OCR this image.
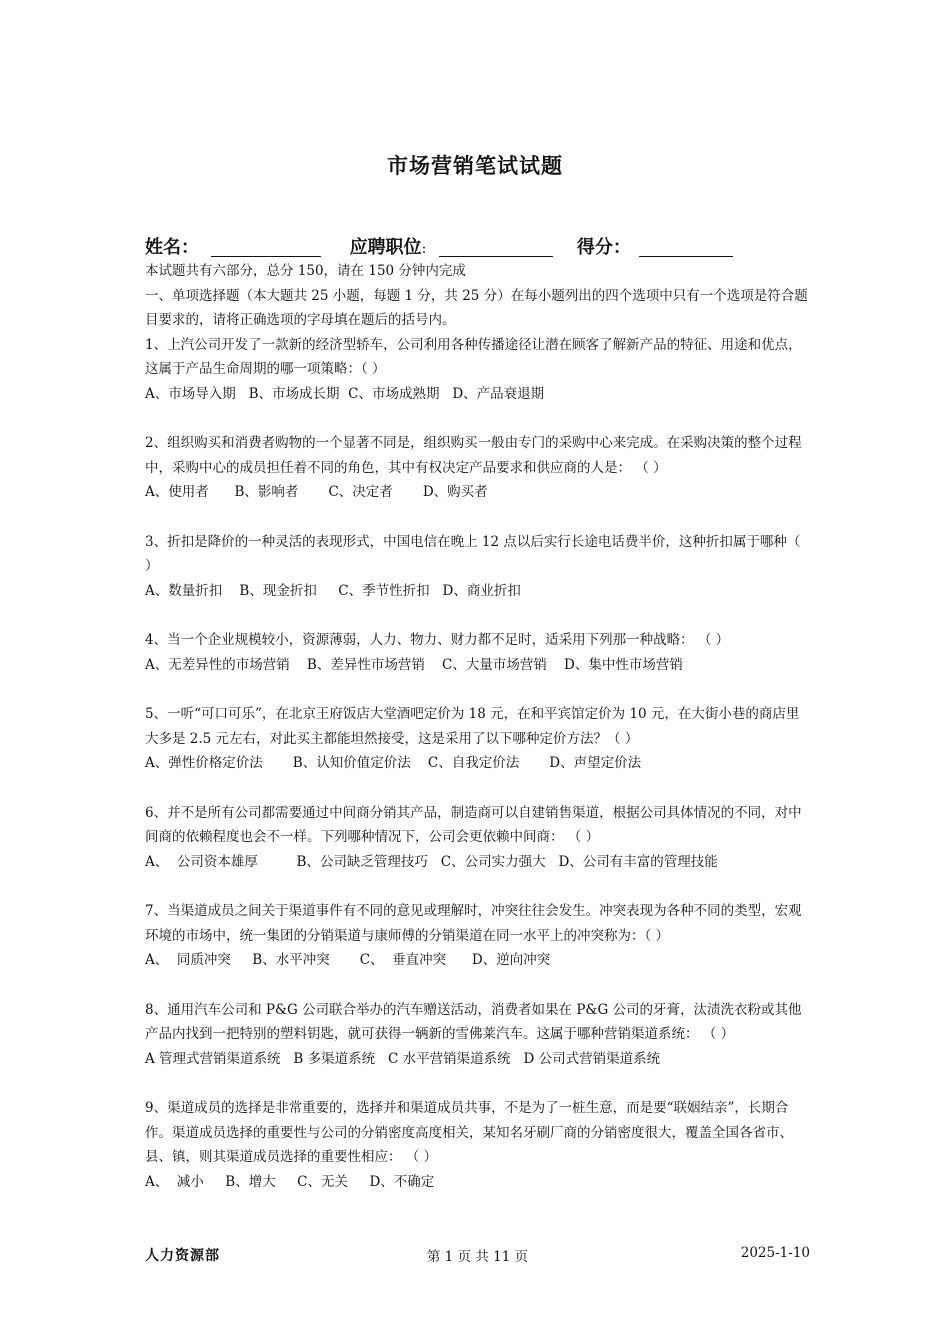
市场营销笔试试题
姓名：	应聘职位:	得分：

本试题共有六部分，总分 150，请在 150 分钟内完成

一、单项选择题（本大题共 25 小题，每题 1 分，共 25 分）在每小题列出的四个选项中只有一个选项是符合题目要求的，请将正确选项的字母填在题后的括号内。

1、上汽公司开发了一款新的经济型轿车，公司利用各种传播途径让潜在顾客了解新产品的特征、用途和优点，这属于产品生命周期的哪一项策略：（ ）

A、市场导入期   B、市场成长期  C、市场成熟期   D、产品衰退期

2、组织购买和消费者购物的一个显著不同是，组织购买一般由专门的采购中心来完成。在采购决策的整个过程中，采购中心的成员担任着不同的角色，其中有权决定产品要求和供应商的人是： （ ）

A、使用者      B、影响者       C、决定者       D、购买者

3、折扣是降价的一种灵活的表现形式，中国电信在晚上 12 点以后实行长途电话费半价，这种折扣属于哪种（ ）

A、数量折扣    B、现金折扣     C、季节性折扣   D、商业折扣

4、当一个企业规模较小，资源薄弱，人力、物力、财力都不足时，适采用下列那一种战略： （ ）

A、无差异性的市场营销    B、差异性市场营销    C、大量市场营销    D、集中性市场营销

5、一听“可口可乐”，在北京王府饭店大堂酒吧定价为 18 元，在和平宾馆定价为 10 元，在大街小巷的商店里大多是 2.5 元左右，对此买主都能坦然接受，这是采用了以下哪种定价方法？（ ）

A、弹性价格定价法       B、认知价值定价法    C、自我定价法       D、声望定价法

6、并不是所有公司都需要通过中间商分销其产品，制造商可以自建销售渠道，根据公司具体情况的不同，对中间商的依赖程度也会不一样。下列哪种情况下，公司会更依赖中间商： （ ）

A、  公司资本雄厚         B、公司缺乏管理技巧   C、公司实力强大   D、公司有丰富的管理技能

7、当渠道成员之间关于渠道事件有不同的意见或理解时，冲突往往会发生。冲突表现为各种不同的类型，宏观环境的市场中，统一集团的分销渠道与康师傅的分销渠道在同一水平上的冲突称为：（ ）

A、  同质冲突     B、水平冲突       C、  垂直冲突      D、逆向冲突

8、通用汽车公司和 P&G 公司联合举办的汽车赠送活动，消费者如果在 P&G 公司的牙膏，汰渍洗衣粉或其他产品内找到一把特别的塑料钥匙，就可获得一辆新的雪佛莱汽车。这属于哪种营销渠道系统： （ ）

A 管理式营销渠道系统   B 多渠道系统   C 水平营销渠道系统   D 公司式营销渠道系统

9、渠道成员的选择是非常重要的，选择并和渠道成员共事，不是为了一桩生意，而是要“联姻结亲”，长期合作。渠道成员选择的重要性与公司的分销密度高度相关，某知名牙刷厂商的分销密度很大，覆盖全国各省市、县、镇，则其渠道成员选择的重要性相应： （ ）

A、  减小     B、增大     C、无关     D、不确定

人力资源部	第 1 页 共 11 页	2025-1-10
